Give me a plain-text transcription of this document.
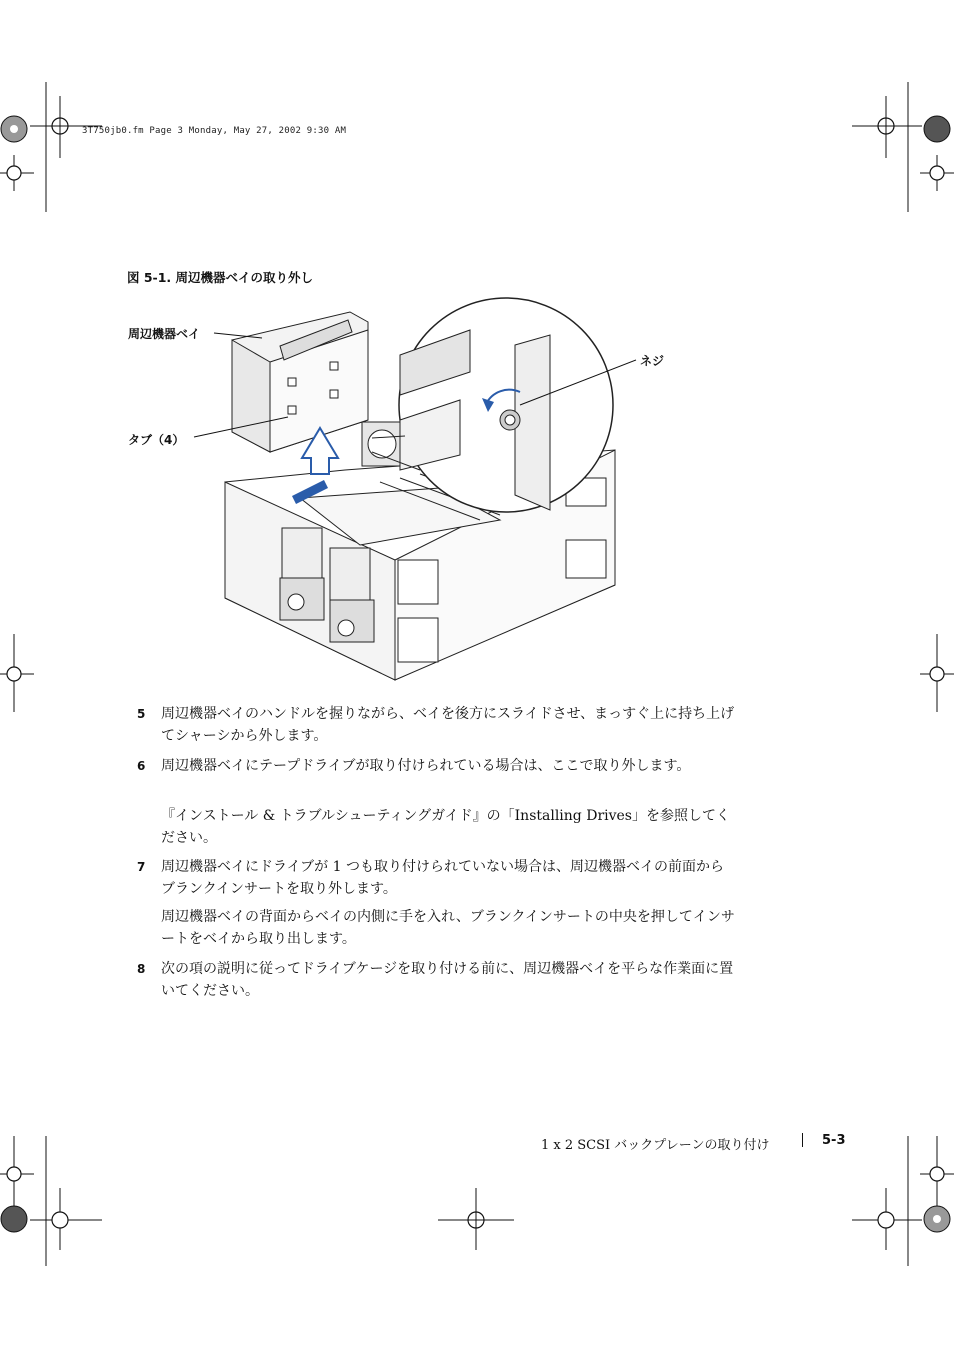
3T750jb0.fm Page 3 Monday, May 27, 2002 9:30 AM
図 5-1. 周辺機器ベイの取り外し
周辺機器ベイ
タブ（4）
ネジ
5 周辺機器ベイのハンドルを握りながら、ベイを後方にスライドさせ、まっすぐ上に持ち上げてシャーシから外します。
6 周辺機器ベイにテープドライブが取り付けられている場合は、ここで取り外します。
『インストール & トラブルシューティングガイド』の「Installing Drives」を参照してください。
7 周辺機器ベイにドライブが 1 つも取り付けられていない場合は、周辺機器ベイの前面からブランクインサートを取り外します。
周辺機器ベイの背面からベイの内側に手を入れ、ブランクインサートの中央を押してインサートをベイから取り出します。
8 次の項の説明に従ってドライブケージを取り付ける前に、周辺機器ベイを平らな作業面に置いてください。
1 x 2 SCSI バックプレーンの取り付け	5-3
